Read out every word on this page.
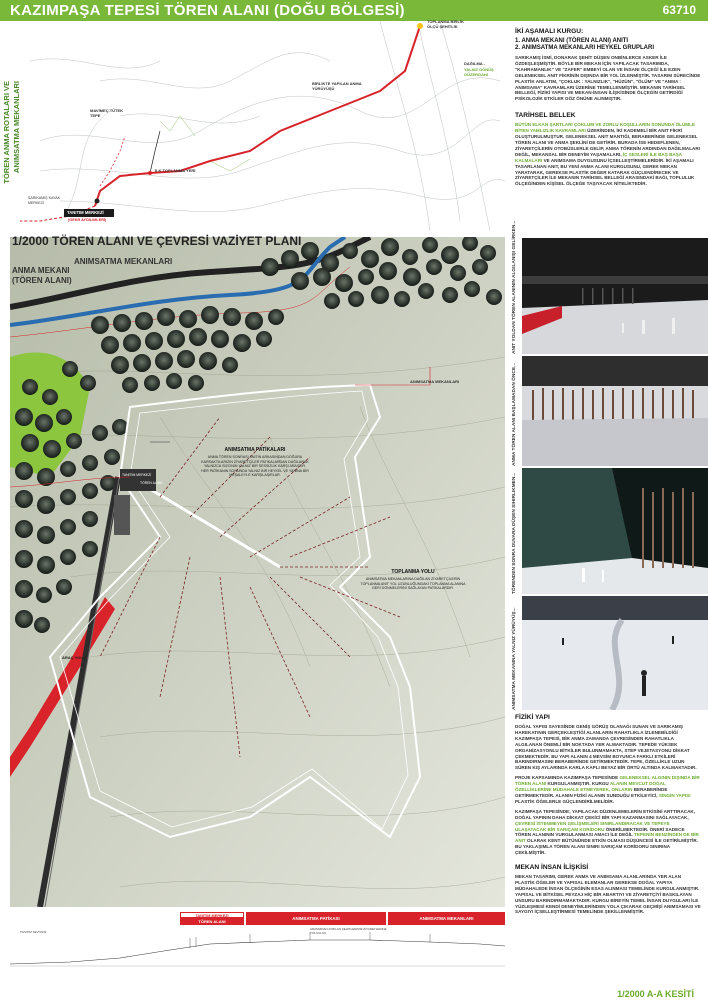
KAZIMPAŞA TEPESİ TÖREN ALANI (DOĞU BÖLGESİ)	63710
TÖREN ANMA ROTALARI VE ANIMSATMA MEKANLARI
TOPLANMA BİRLİK ÖLÇÜ ŞEHİTLİK
DAĞILMA -
YALNIZ DÖNÜŞ GÜZERGAHI
BİRLİKTE YAPILAN ANMA YÜRÜYÜŞÜ
MAVİMEÇ TÜTEK TEPE
İLK TOPLANMA YERİ
TANITIM MERKEZİ
(GEKR AYDILIMLERİ)
SARIKAMIŞ KAYAK MERKEZİ
ANIMSATMA MEKANLARI
ANIMSATMA PATİKALARI
ANMA TÖREN SONRASI ANITIN ARKASINDAN DOĞURA KARSAKTILARIZIN ZİYARETÇİLER PATİKALARDAN DAĞILARAK YALNIZCA SIZCININ YALNIZ BİR SESSİZLİK KARŞI ARAŞTIR. HER PATİKANIN SONUNDA YALNIZ BİR HEYKEL VE YANINA BİR MEŞALEYLE KARŞILAŞIRLAR.
TOPLANMA YOLU
ANIMSATMA MEKANLARINA DAĞILAN ZİYARETÇİLERİN TOPLANMA ANIT YOL UZUNLUĞUNDAKİ TOPLANMA ALANINA GERİ DÖNMELERİNİ SAĞLAYAN PATİKALARDIR.
ARAÇ YOLU
TANITIM MERKEZİ
TÖREN ALANI
1/2000 TÖREN ALANI VE ÇEVRESİ VAZİYET PLANI
ANIMSATMA MEKANLARI
ANMA MEKANI
(TÖREN ALANI)
TANITIM MERKEZİ
TÖREN ALANI
ANIMSATMA PATİKASI	ANIMSATMA MEKANLARI
TANITIM SEVİYESİ
ARAMIZDAN AYRILAN ŞEHİTLERİMİZ ZİYARETLERİNE YOLCULUK
1/2000 A-A KESİTİ
İKİ AŞAMALI KURGU:
1. ANMA MEKANI (TÖREN ALANI) ANITI
2. ANIMSATMA MEKANLARI HEYKEL GRUPLARI
SARIKAMIŞ İSMİ, DONARAK ŞEHİT DÜŞEN ONBİNLERCE ASKER İLE ÖZDEŞLEŞMİŞTİR. BÖYLE BİR MEKAN İÇİN YAPILACAK TASARIMDA, "KAHRAMANLIK" VE "ZAFER" EMBEYİ OLAN VE İNSANI ÖLÇEĞİ İLE EZEN GELENEKSEL ANIT FİKRİNİN DIŞINDA BİR YOL İZLENMİŞTİR. TASARIM SÜRECİNDE PLASTİK ANLATIM, "ÇOKLUK : YALNIZLIK", "HÜZÜN", "ÖLÜM" VE "ANMA : ANIMSAMA" KAVRAMLARI ÜZERİNE TEMELLENMİŞTİR. MEKANIN TARİHSEL BELLEĞİ, FİZİKİ YAPISI VE MEKAN-İNSAN İLİŞKİSİNDE ÖLÇEĞİN GETİRDİĞİ PSİKOLOJİK ETKİLER GÖZ ÖNÜNE ALINMIŞTIR.
TARİHSEL BELLEK
BÜTÜN ELKAN ŞARTLARI ÇOKLUM VE ZORLU KOŞULLARIN SONUNDA ÖLÜMLE BİTEN YAMLIZLIK KAVRAMLARI ÜZERİNDEN, İKİ KADEMELİ BİR ANIT FİKRİ OLUŞTURULMUŞTUR. GELENEKSEL ANIT MANTIĞI, BERABERİNDE GELENEKSEL TÖREN ALANI VE ANMA ŞEKLİNİ DE GETİRİR. BURADA İSE HEDEFLENEN, ZİYARETÇİLERİN OTOBÜSLERLE GELİP, ANMA TÖRENİN ARDINDAN DAĞILMALARI DEĞİL, MEKANSAL BİR DENEYİM YAŞAMALARI, İÇ SESLERİ İLE BAŞ BAŞA KALMALARI VE ANIMSAMA DUYGUSUNU İÇSELLEŞTİRMELERİDİR. İKİ AŞAMALI TASARLANAN ANIT, BU YENİ ANMA ALANI KURGUSUNU, GEREK MEKAN YARATARAK, GEREKSE PLASTİK DEĞER KATARAK GÜÇLENDİRECEK VE ZİYARETÇİLER İLE MEKANIN TARİHSEL BELLEĞİ ARASINDAKİ BAĞI, TOPLULUK ÖLÇEĞİNDEN KİŞİSEL ÖLÇEĞE TAŞIYACAK NİTELİKTEDİR.
ANIT YOLDAN TÖREN ALANININ ALGILANIŞI GELİRKEN...
ANMA TÖREN ALANI BAŞLAMADAN ÖNCE...
TÖRENDEN SONRA DUVARA DÜŞEN SIHIRLIKMEN...
ANIMSATMA MEKANINA YALNIZ YÜRÜYÜŞ...
FİZİKİ YAPI
DOĞAL YAPISI SAYESİNDE GENİŞ GÖRÜŞ OLANAĞI SUNAN VE SARIKAMIŞ HAREKATININ GERÇEKLEŞTİĞİ ALANLARIN RAHATLIKLA İZLENEBİLDİĞİ KAZIMPAŞA TEPESİ, BİR ANMA ZAMANDA ÇEVRESİNDEN RAHATLIKLA ALGILANAN ÖNEMLİ BİR NOKTADA YER ALMAKTADIR. TEPEDE YÜKSEK ORGANİZASYONLU BİTKİLER BULUNMAMAKTA, STEP VEJETASYONU DİKKAT ÇEKMEKTEDİR. BU YAPI ALANIN 4 MEVSİM BOYUNCA FARKLI ETKİLERİ BARINDIRMASINI BERABERİNDE GETİRMEKTEDİR. TEPE, ÖZELLİKLE UZUN SÜREN KIŞ AYLARINDA KARLA KAPLI BEYAZ BİR ÖRTÜ ALTINDA KALMAKTADIR.
PROJE KAPSAMINDA KAZIMPAŞA TEPESİNDE GELENEKSEL ALGININ DIŞINDA BİR TÖREN ALANI KURGULANMIŞTIR. KURGU ALANIN MEVCUT DOĞAL ÖZELLİKLERİNE MÜDAHALE ETMEYEREK, ONLARIN BERABERİNDE GETİRMEKTEDİR. ALANIN FİZİKİ ALANIN SUNDUĞU ETKİLEYİCİ, SİNGİN YAPISI PLASTİK ÖĞELERLE GÜÇLENDİRİLMELİDİR.
KAZIMPAŞA TEPESİNDE; YAPILACAK DÜZENLEMELERİN ETKİSİNİ ARTTIRACAK, DOĞAL YAPININ DAHA DİKKAT ÇEKİCİ BİR YAPI KAZANMASINI SAĞLAYACAK, ÇEVRESİ İSTENMEYEN GELİŞMELERİ SINIRLANDIRACAK VE TEPEYE ULAŞATACAK BİR SARIÇAM KORİDORU ÖNERİLMEKTEDİR. ÖNERİ SADECE TÖREN ALANININ VURGULANMASI AMACI İLE DEĞİL TEPENİN BENZİNDEN DE BİR ANIT OLARAK KENT BÜTÜNÜNDE ETKİN OLMASI DÜŞÜNCESİ İLE GETİRİLMİŞTİR. BU YAKLAŞIMLA TÖREN ALANI SINIRI SARIÇAM KORİDORU SINIRINA ÇEKİLMİŞTİR.
MEKAN İNSAN İLİŞKİSİ
MEKAN TASARIMI, GEREK ANMA VE ANIMSAMA ALANLARINDA YER ALAN PLASTİK ÖĞELER VE YAPISAL ELEMANLAR GEREKSE DOĞAL YAPIYA MÜDAHALEDE İNSAN ÖLÇEĞİNİN ESAS ALINMASI TEMELİNDE KURGULANMIŞTIR. YAPISAL VE BİTKİSEL PEYZAJ HİÇ BİR ABARTIYI VE ZİYARETÇİYİ BASKILAYAN UNSURU BARINDIRMAMAKTADIR. KURGU BİREYİN TEMEL İNSAN DUYGULARI İLE YÜZLEŞMESİ KENDİ DENEYİMLERİNDEN YOLA ÇIKARAK GEÇMİŞİ ANIMSAMASI VE SAYGIYI İÇSELLEŞTİRMESİ TEMELİNDE ŞEKİLLENMİŞTİR.
